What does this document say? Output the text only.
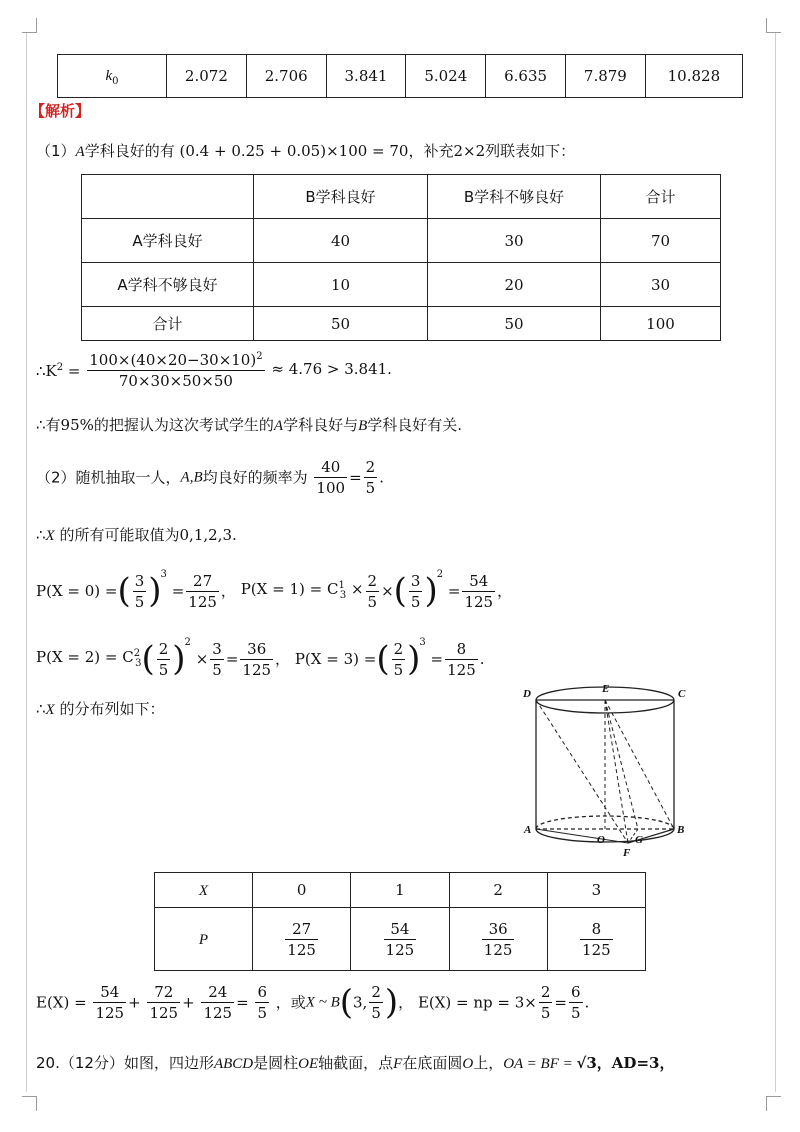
$k_0$	2.072	2.706	3.841	5.024	6.635	7.879	10.828
【解析】
（1）A学科良好的有 (0.4 + 0.25 + 0.05)×100 = 70，补充2×2列联表如下：
	B学科良好	B学科不够良好	合计
A学科良好	40	30	70
A学科不够良好	10	20	30
合计	50	50	100
$\therefore K^2 = \frac{100\times(40\times 20-30\times 10)^2}{70\times 30\times 50\times 50} \approx 4.76 > 3.841$.
∴有95%的把握认为这次考试学生的A学科良好与B学科良好有关.
（2）随机抽取一人，A,B均良好的频率为 $\frac{40}{100} = \frac{2}{5}$ .
∴X 的所有可能取值为0,1,2,3.
P(X = 0) =( $\frac{3}{5} )^3 = \frac{27}{125}$ ， $P(X = 1) = C^1_3 \times \frac{2}{5}$ ×( $\frac{3}{5} )^2 = \frac{54}{125}$ ，
$P(X = 2) = C^2_3( \frac{2}{5} )^2 \times \frac{3}{5} = \frac{36}{125}$ ， P(X = 3) =( $\frac{2}{5} )^3 = \frac{8}{125}$ .
∴X 的分布列如下：
D	E	C
A
O	G
B
F
X	0	1	2	3
P	$\frac{27}{125}$	$\frac{54}{125}$	$\frac{36}{125}$	$\frac{8}{125}$
$E(X) = \frac{54}{125} + \frac{72}{125} + \frac{24}{125} = \frac{6}{5}$ ，或X ~ B(3, $\frac{2}{5}$ )， E(X) = np = $3\times \frac{2}{5} = \frac{6}{5}$ .
20.（12分）如图，四边形ABCD是圆柱OE轴截面，点F在底面圆O上，OA = BF = √3，AD=3，
